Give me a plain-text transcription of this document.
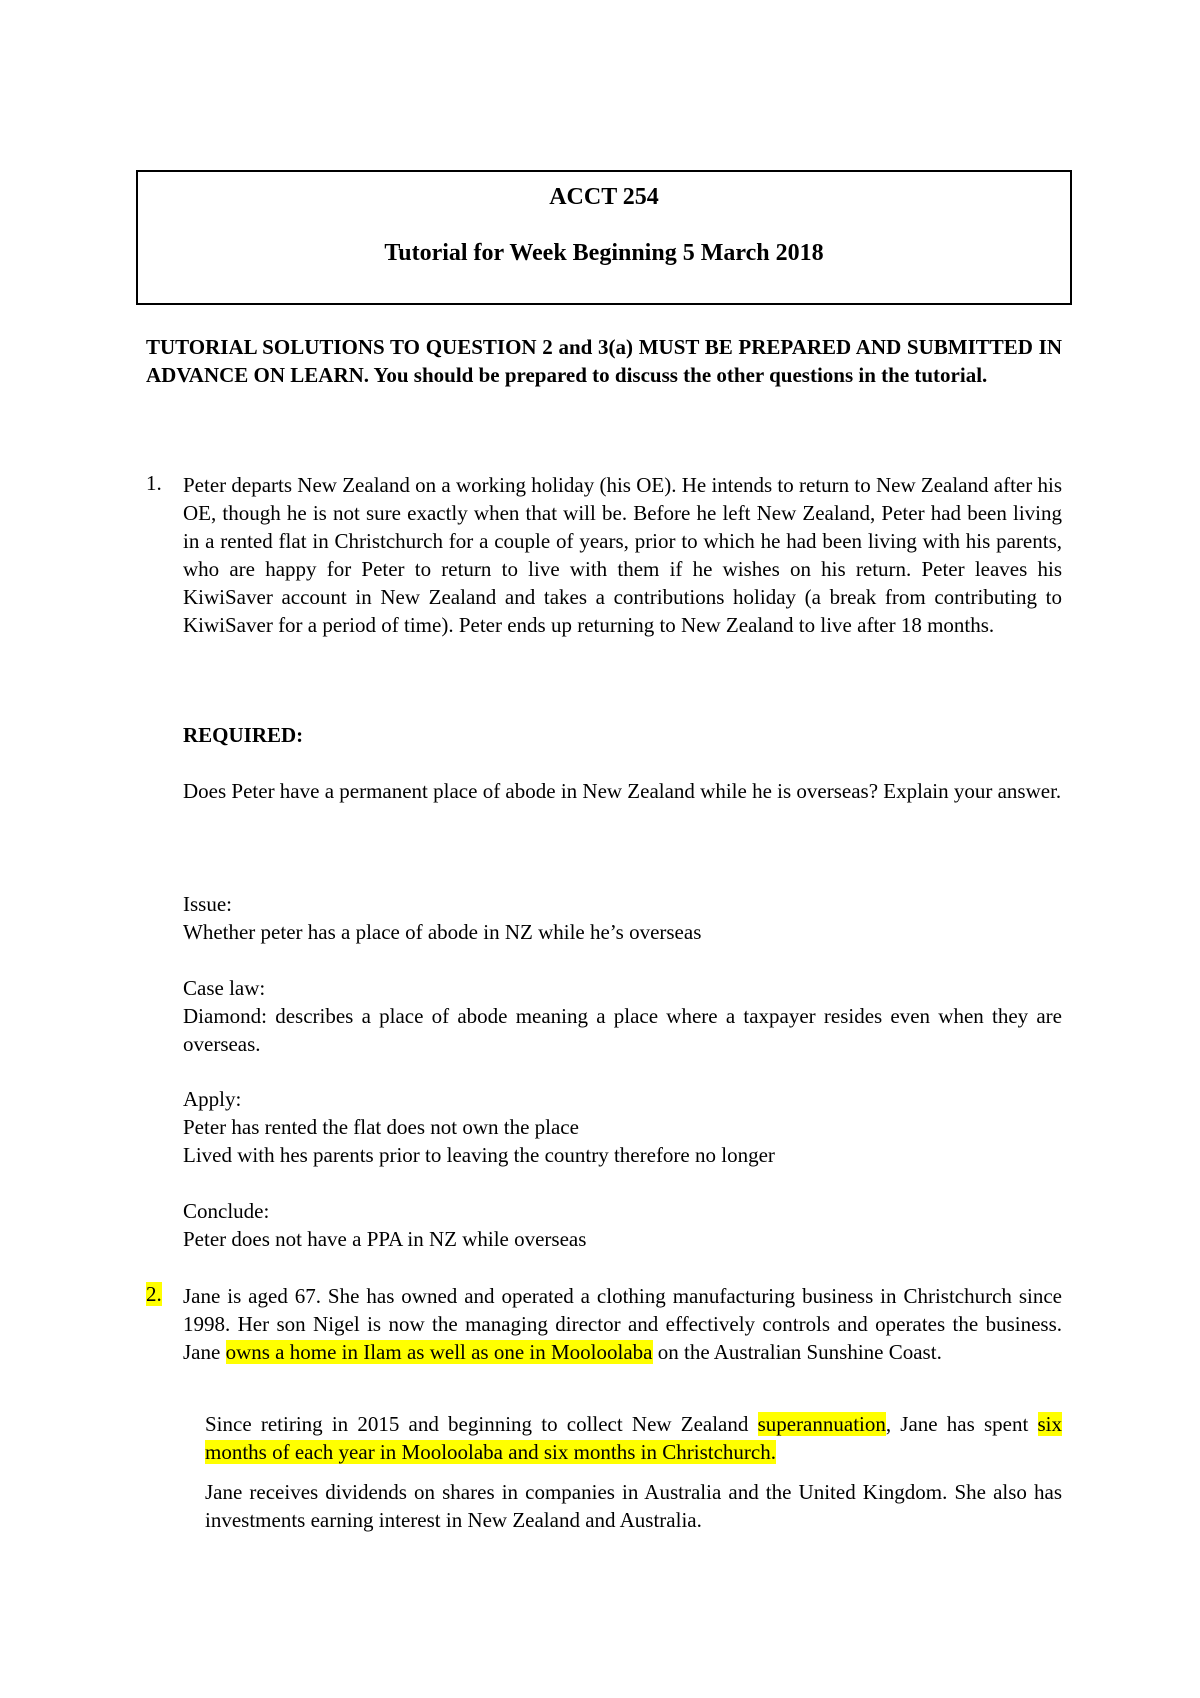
ACCT 254
Tutorial for Week Beginning 5 March 2018
TUTORIAL SOLUTIONS TO QUESTION 2 and 3(a) MUST BE PREPARED AND SUBMITTED IN ADVANCE ON LEARN. You should be prepared to discuss the other questions in the tutorial.
1. Peter departs New Zealand on a working holiday (his OE). He intends to return to New Zealand after his OE, though he is not sure exactly when that will be. Before he left New Zealand, Peter had been living in a rented flat in Christchurch for a couple of years, prior to which he had been living with his parents, who are happy for Peter to return to live with them if he wishes on his return. Peter leaves his KiwiSaver account in New Zealand and takes a contributions holiday (a break from contributing to KiwiSaver for a period of time). Peter ends up returning to New Zealand to live after 18 months.
REQUIRED:
Does Peter have a permanent place of abode in New Zealand while he is overseas? Explain your answer.
Issue:
Whether peter has a place of abode in NZ while he’s overseas
Case law:
Diamond: describes a place of abode meaning a place where a taxpayer resides even when they are overseas.
Apply:
Peter has rented the flat does not own the place
Lived with hes parents prior to leaving the country therefore no longer
Conclude:
Peter does not have a PPA in NZ while overseas
2. Jane is aged 67. She has owned and operated a clothing manufacturing business in Christchurch since 1998. Her son Nigel is now the managing director and effectively controls and operates the business. Jane owns a home in Ilam as well as one in Mooloolaba on the Australian Sunshine Coast.
Since retiring in 2015 and beginning to collect New Zealand superannuation, Jane has spent six months of each year in Mooloolaba and six months in Christchurch.
Jane receives dividends on shares in companies in Australia and the United Kingdom. She also has investments earning interest in New Zealand and Australia.
